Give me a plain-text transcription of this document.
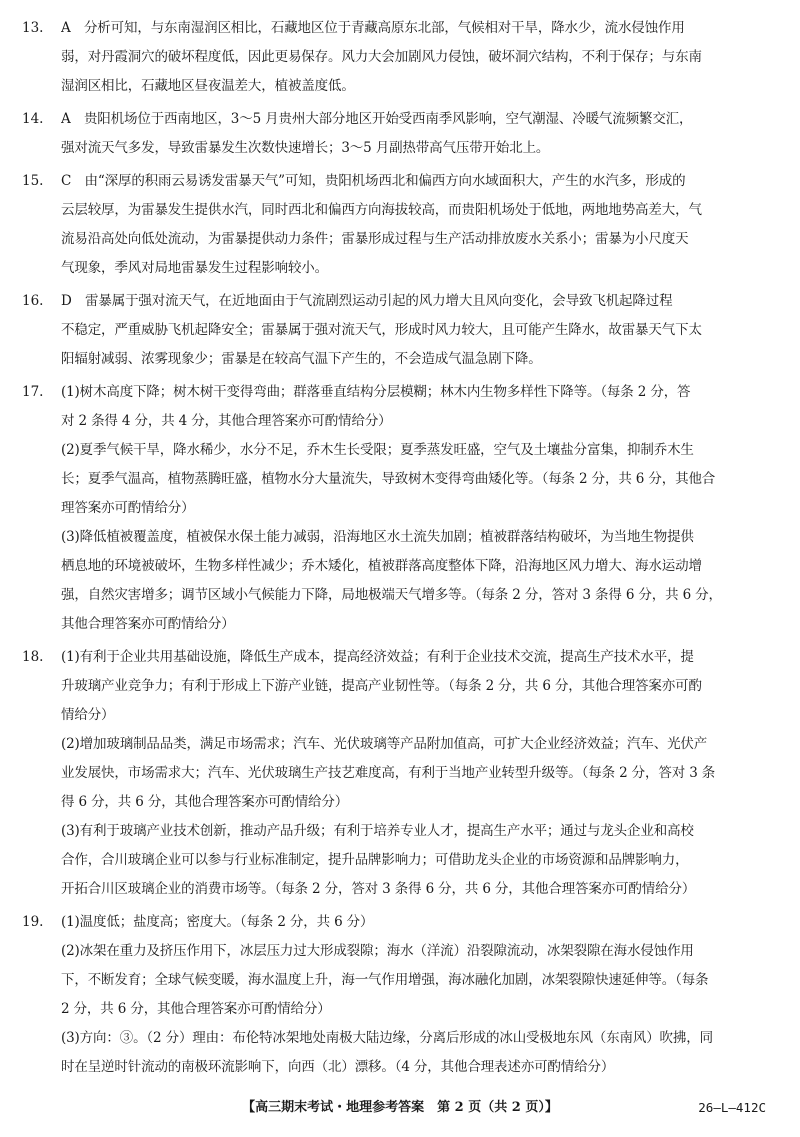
13.	A　分析可知，与东南湿润区相比，石藏地区位于青藏高原东北部，气候相对干旱，降水少，流水侵蚀作用
弱，对丹霞洞穴的破坏程度低，因此更易保存。风力大会加剧风力侵蚀，破坏洞穴结构，不利于保存；与东南
湿润区相比，石藏地区昼夜温差大，植被盖度低。
14.	A　贵阳机场位于西南地区，3～5 月贵州大部分地区开始受西南季风影响，空气潮湿、冷暖气流频繁交汇，
强对流天气多发，导致雷暴发生次数快速增长；3～5 月副热带高气压带开始北上。
15.	C　由“深厚的积雨云易诱发雷暴天气”可知，贵阳机场西北和偏西方向水域面积大，产生的水汽多，形成的
云层较厚，为雷暴发生提供水汽，同时西北和偏西方向海拔较高，而贵阳机场处于低地，两地地势高差大，气
流易沿高处向低处流动，为雷暴提供动力条件；雷暴形成过程与生产活动排放废水关系小；雷暴为小尺度天
气现象，季风对局地雷暴发生过程影响较小。
16.	D　雷暴属于强对流天气，在近地面由于气流剧烈运动引起的风力增大且风向变化，会导致飞机起降过程
不稳定，严重威胁飞机起降安全；雷暴属于强对流天气，形成时风力较大，且可能产生降水，故雷暴天气下太
阳辐射减弱、浓雾现象少；雷暴是在较高气温下产生的，不会造成气温急剧下降。
17.	(1)树木高度下降；树木树干变得弯曲；群落垂直结构分层模糊；林木内生物多样性下降等。（每条 2 分，答
对 2 条得 4 分，共 4 分，其他合理答案亦可酌情给分）
(2)夏季气候干旱，降水稀少，水分不足，乔木生长受限；夏季蒸发旺盛，空气及土壤盐分富集，抑制乔木生
长；夏季气温高，植物蒸腾旺盛，植物水分大量流失，导致树木变得弯曲矮化等。（每条 2 分，共 6 分，其他合
理答案亦可酌情给分）
(3)降低植被覆盖度，植被保水保土能力减弱，沿海地区水土流失加剧；植被群落结构破坏，为当地生物提供
栖息地的环境被破坏，生物多样性减少；乔木矮化，植被群落高度整体下降，沿海地区风力增大、海水运动增
强，自然灾害增多；调节区域小气候能力下降，局地极端天气增多等。（每条 2 分，答对 3 条得 6 分，共 6 分，
其他合理答案亦可酌情给分）
18.	(1)有利于企业共用基础设施，降低生产成本，提高经济效益；有利于企业技术交流，提高生产技术水平，提
升玻璃产业竞争力；有利于形成上下游产业链，提高产业韧性等。（每条 2 分，共 6 分，其他合理答案亦可酌
情给分）
(2)增加玻璃制品品类，满足市场需求；汽车、光伏玻璃等产品附加值高，可扩大企业经济效益；汽车、光伏产
业发展快，市场需求大；汽车、光伏玻璃生产技艺难度高，有利于当地产业转型升级等。（每条 2 分，答对 3 条
得 6 分，共 6 分，其他合理答案亦可酌情给分）
(3)有利于玻璃产业技术创新，推动产品升级；有利于培养专业人才，提高生产水平；通过与龙头企业和高校
合作，合川玻璃企业可以参与行业标准制定，提升品牌影响力；可借助龙头企业的市场资源和品牌影响力，
开拓合川区玻璃企业的消费市场等。（每条 2 分，答对 3 条得 6 分，共 6 分，其他合理答案亦可酌情给分）
19.	(1)温度低；盐度高；密度大。（每条 2 分，共 6 分）
(2)冰架在重力及挤压作用下，冰层压力过大形成裂隙；海水（洋流）沿裂隙流动，冰架裂隙在海水侵蚀作用
下，不断发育；全球气候变暖，海水温度上升，海一气作用增强，海冰融化加剧，冰架裂隙快速延伸等。（每条
2 分，共 6 分，其他合理答案亦可酌情给分）
(3)方向：③。（2 分）理由：布伦特冰架地处南极大陆边缘，分离后形成的冰山受极地东风（东南风）吹拂，同
时在呈逆时针流动的南极环流影响下，向西（北）漂移。（4 分，其他合理表述亦可酌情给分）
【高三期末考试・地理参考答案　第 2 页（共 2 页）】	26—L—412C
